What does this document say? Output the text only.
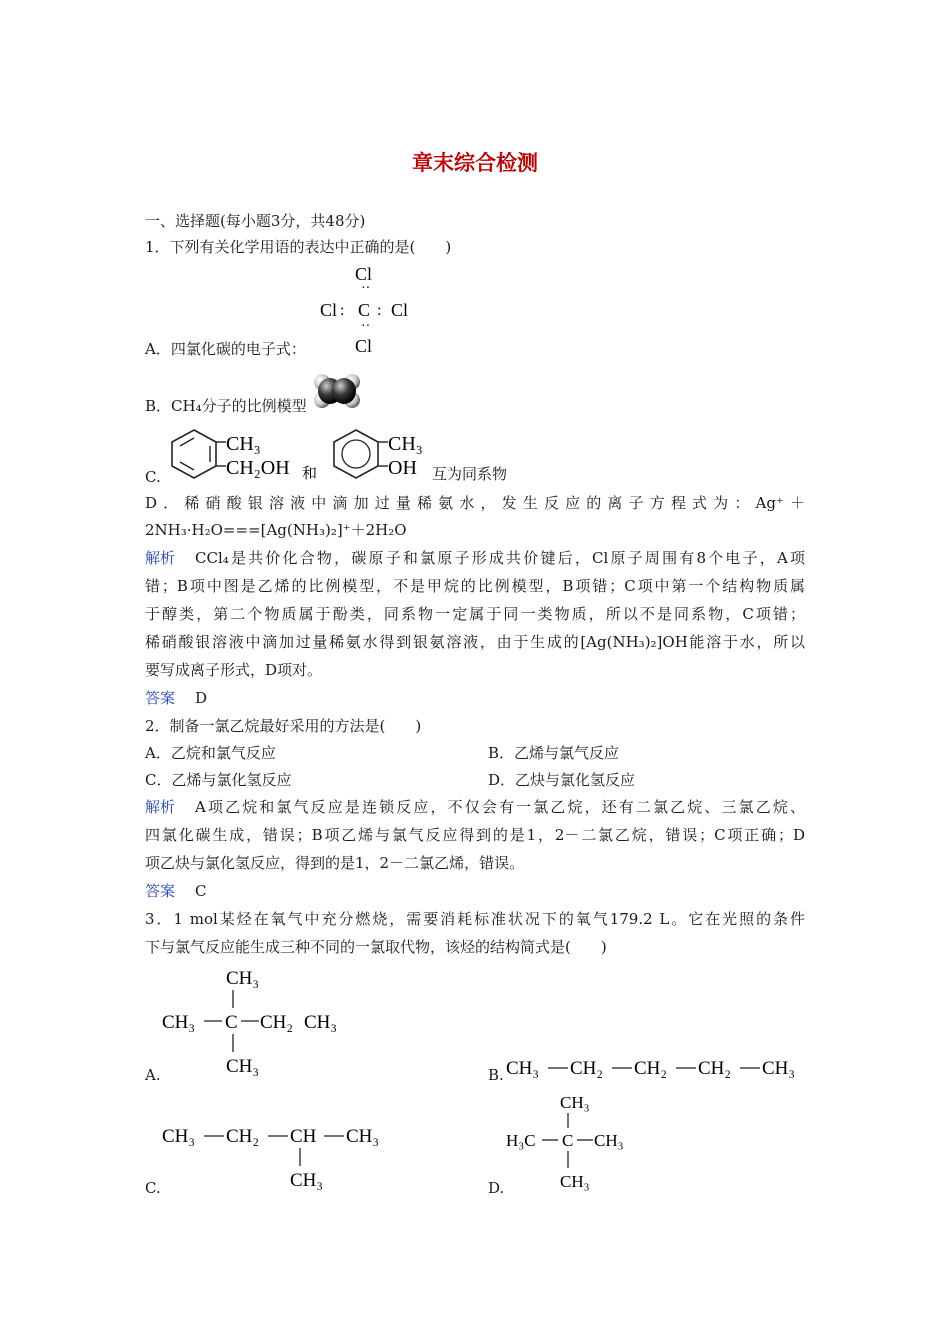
章末综合检测
一、选择题(每小题3分，共48分)
1．下列有关化学用语的表达中正确的是(　　)
Cl
··
Cl : C : Cl
··
Cl
A．四氯化碳的电子式：
B．CH₄分子的比例模型
C.
CH₃
CH₂OH 和
CH₃
OH 互为同系物
D．稀硝酸银溶液中滴加过量稀氨水，发生反应的离子方程式为：Ag⁺＋
2NH₃·H₂O===[Ag(NH₃)₂]⁺＋2H₂O
解析 CCl₄是共价化合物，碳原子和氯原子形成共价键后，Cl原子周围有8个电子，A项
错；B项中图是乙烯的比例模型，不是甲烷的比例模型，B项错；C项中第一个结构物质属
于醇类，第二个物质属于酚类，同系物一定属于同一类物质，所以不是同系物，C项错；
稀硝酸银溶液中滴加过量稀氨水得到银氨溶液，由于生成的[Ag(NH₃)₂]OH能溶于水，所以
要写成离子形式，D项对。
答案 D
2．制备一氯乙烷最好采用的方法是(　　)
A．乙烷和氯气反应	B．乙烯与氯气反应
C．乙烯与氯化氢反应	D．乙炔与氯化氢反应
解析 A项乙烷和氯气反应是连锁反应，不仅会有一氯乙烷，还有二氯乙烷、三氯乙烷、
四氯化碳生成，错误；B项乙烯与氯气反应得到的是1，2－二氯乙烷，错误；C项正确；D
项乙炔与氯化氢反应，得到的是1，2－二氯乙烯，错误。
答案 C
3．1 mol某烃在氧气中充分燃烧，需要消耗标准状况下的氧气179.2 L。它在光照的条件
下与氯气反应能生成三种不同的一氯取代物，该烃的结构简式是(　　)
CH₃
CH₃ C CH₂ CH₃
CH₃
A.	B. CH₃ CH₂ CH₂ CH₂ CH₃
CH₃ CH₂ CH CH₃
CH₃
C.	D.
CH₃
H₃C C CH₃
CH₃
